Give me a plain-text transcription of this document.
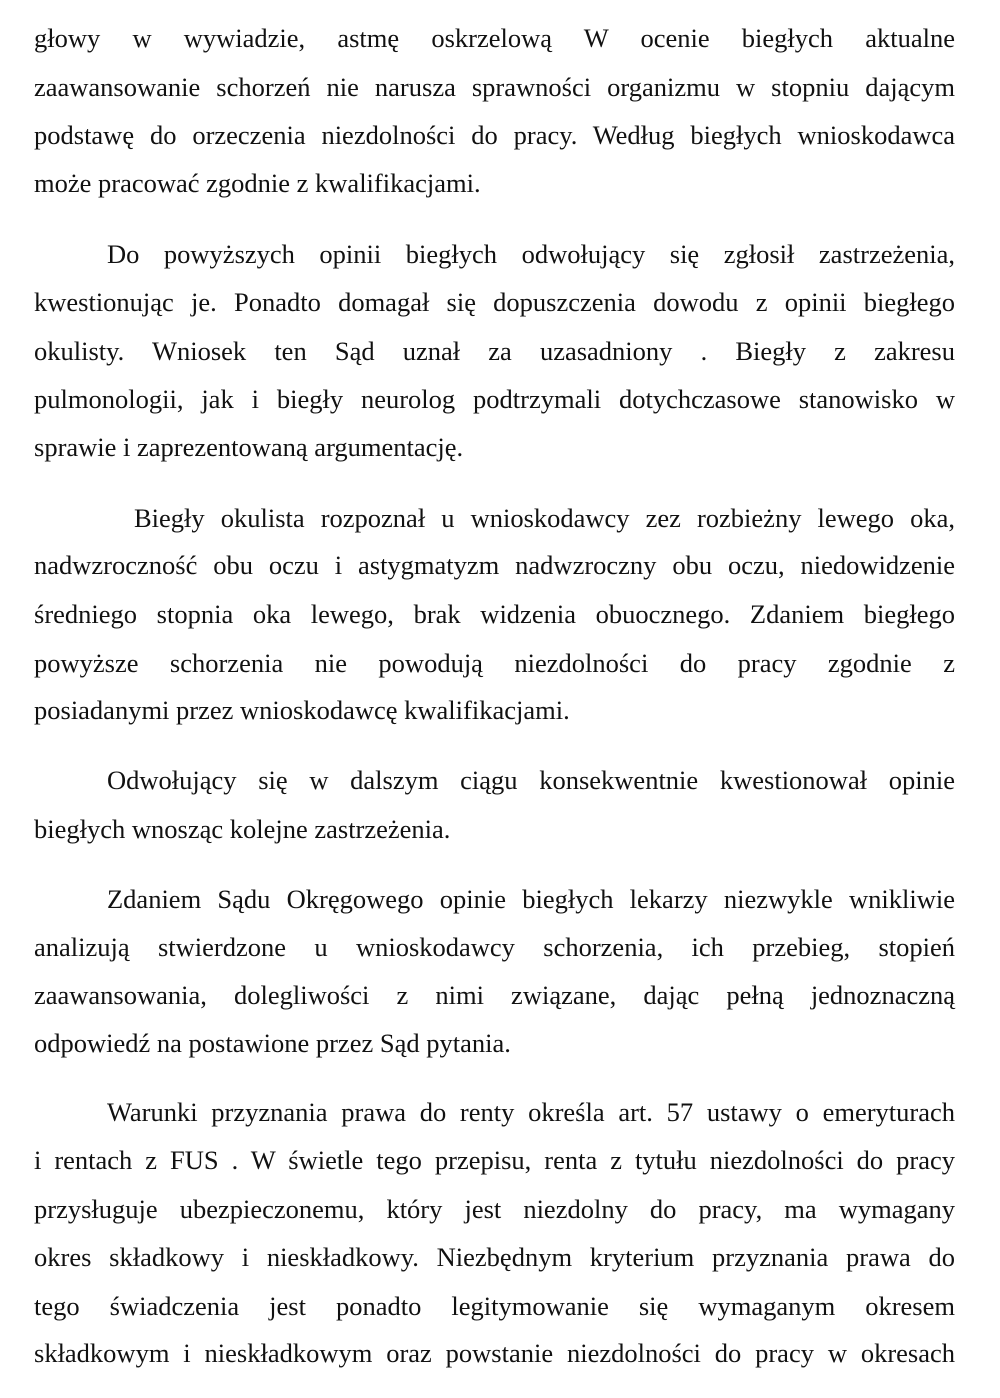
głowy w wywiadzie, astmę oskrzelową W ocenie biegłych aktualne
zaawansowanie schorzeń nie narusza sprawności organizmu w stopniu dającym
podstawę do orzeczenia niezdolności do pracy. Według biegłych wnioskodawca
może pracować zgodnie z kwalifikacjami.
Do powyższych opinii biegłych odwołujący się zgłosił zastrzeżenia,
kwestionując je. Ponadto domagał się dopuszczenia dowodu z opinii biegłego
okulisty. Wniosek ten Sąd uznał za uzasadniony . Biegły z zakresu
pulmonologii, jak i biegły neurolog podtrzymali dotychczasowe stanowisko w
sprawie i zaprezentowaną argumentację.
Biegły okulista rozpoznał u wnioskodawcy zez rozbieżny lewego oka,
nadwzroczność obu oczu i astygmatyzm nadwzroczny obu oczu, niedowidzenie
średniego stopnia oka lewego, brak widzenia obuocznego. Zdaniem biegłego
powyższe schorzenia nie powodują niezdolności do pracy zgodnie z
posiadanymi przez wnioskodawcę kwalifikacjami.
Odwołujący się w dalszym ciągu konsekwentnie kwestionował opinie
biegłych wnosząc kolejne zastrzeżenia.
Zdaniem Sądu Okręgowego opinie biegłych lekarzy niezwykle wnikliwie
analizują stwierdzone u wnioskodawcy schorzenia, ich przebieg, stopień
zaawansowania, dolegliwości z nimi związane, dając pełną jednoznaczną
odpowiedź na postawione przez Sąd pytania.
Warunki przyznania prawa do renty określa art. 57 ustawy o emeryturach
i rentach z FUS . W świetle tego przepisu, renta z tytułu niezdolności do pracy
przysługuje ubezpieczonemu, który jest niezdolny do pracy, ma wymagany
okres składkowy i nieskładkowy. Niezbędnym kryterium przyznania prawa do
tego świadczenia jest ponadto legitymowanie się wymaganym okresem
składkowym i nieskładkowym oraz powstanie niezdolności do pracy w okresach
